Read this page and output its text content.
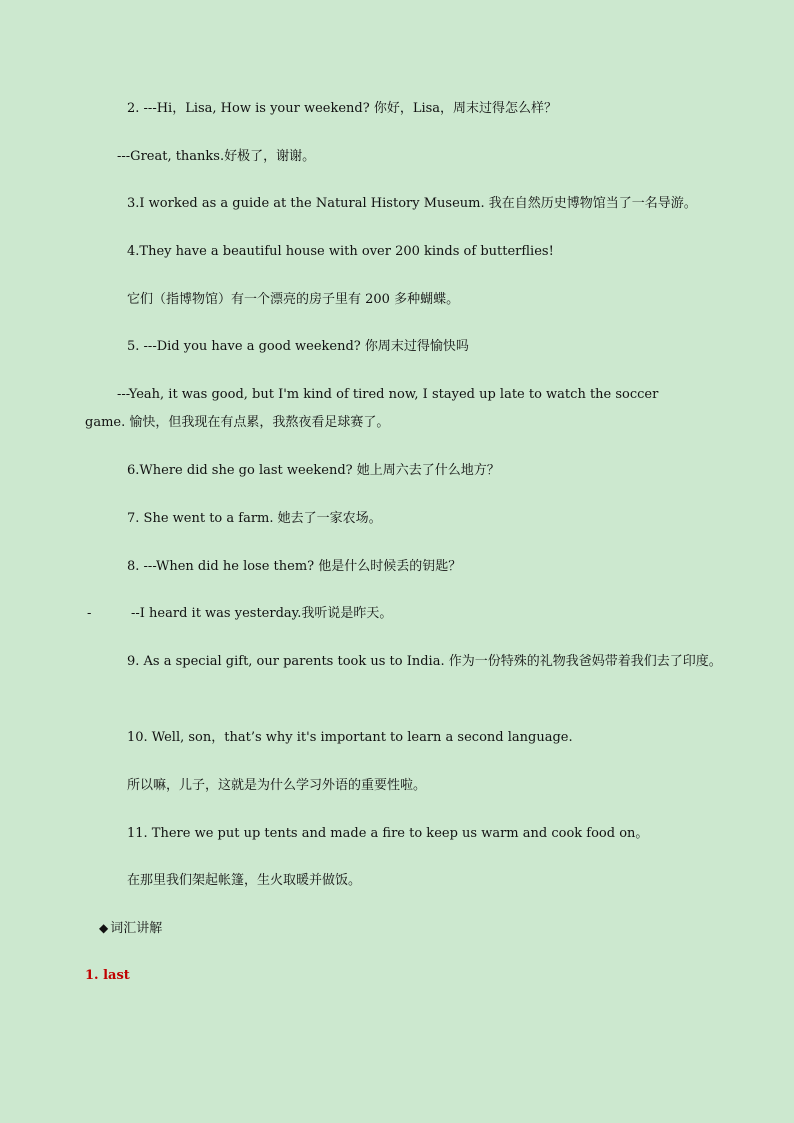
2. ---Hi，Lisa, How is your weekend? 你好，Lisa，周末过得怎么样？
---Great, thanks.好极了，谢谢。
3.I worked as a guide at the Natural History Museum. 我在自然历史博物馆当了一名导游。
4.They have a beautiful house with over 200 kinds of butterflies!
它们（指博物馆）有一个漂亮的房子里有 200 多种蝴蝶。
5. ---Did you have a good weekend? 你周末过得愉快吗
---Yeah, it was good, but I'm kind of tired now, I stayed up late to watch the soccer game. 愉快，但我现在有点累，我熬夜看足球赛了。
6.Where did she go last weekend? 她上周六去了什么地方？
7. She went to a farm. 她去了一家农场。
8. ---When did he lose them? 他是什么时候丢的钥匙？
-	--I heard it was yesterday.我听说是昨天。
9. As a special gift, our parents took us to India. 作为一份特殊的礼物我爸妈带着我们去了印度。
10. Well, son，that’s why it's important to learn a second language.
所以嘛，儿子，这就是为什么学习外语的重要性啦。
11. There we put up tents and made a fire to keep us warm and cook food on。
在那里我们架起帐篷，生火取暖并做饭。
◆ 词汇讲解
1. last
